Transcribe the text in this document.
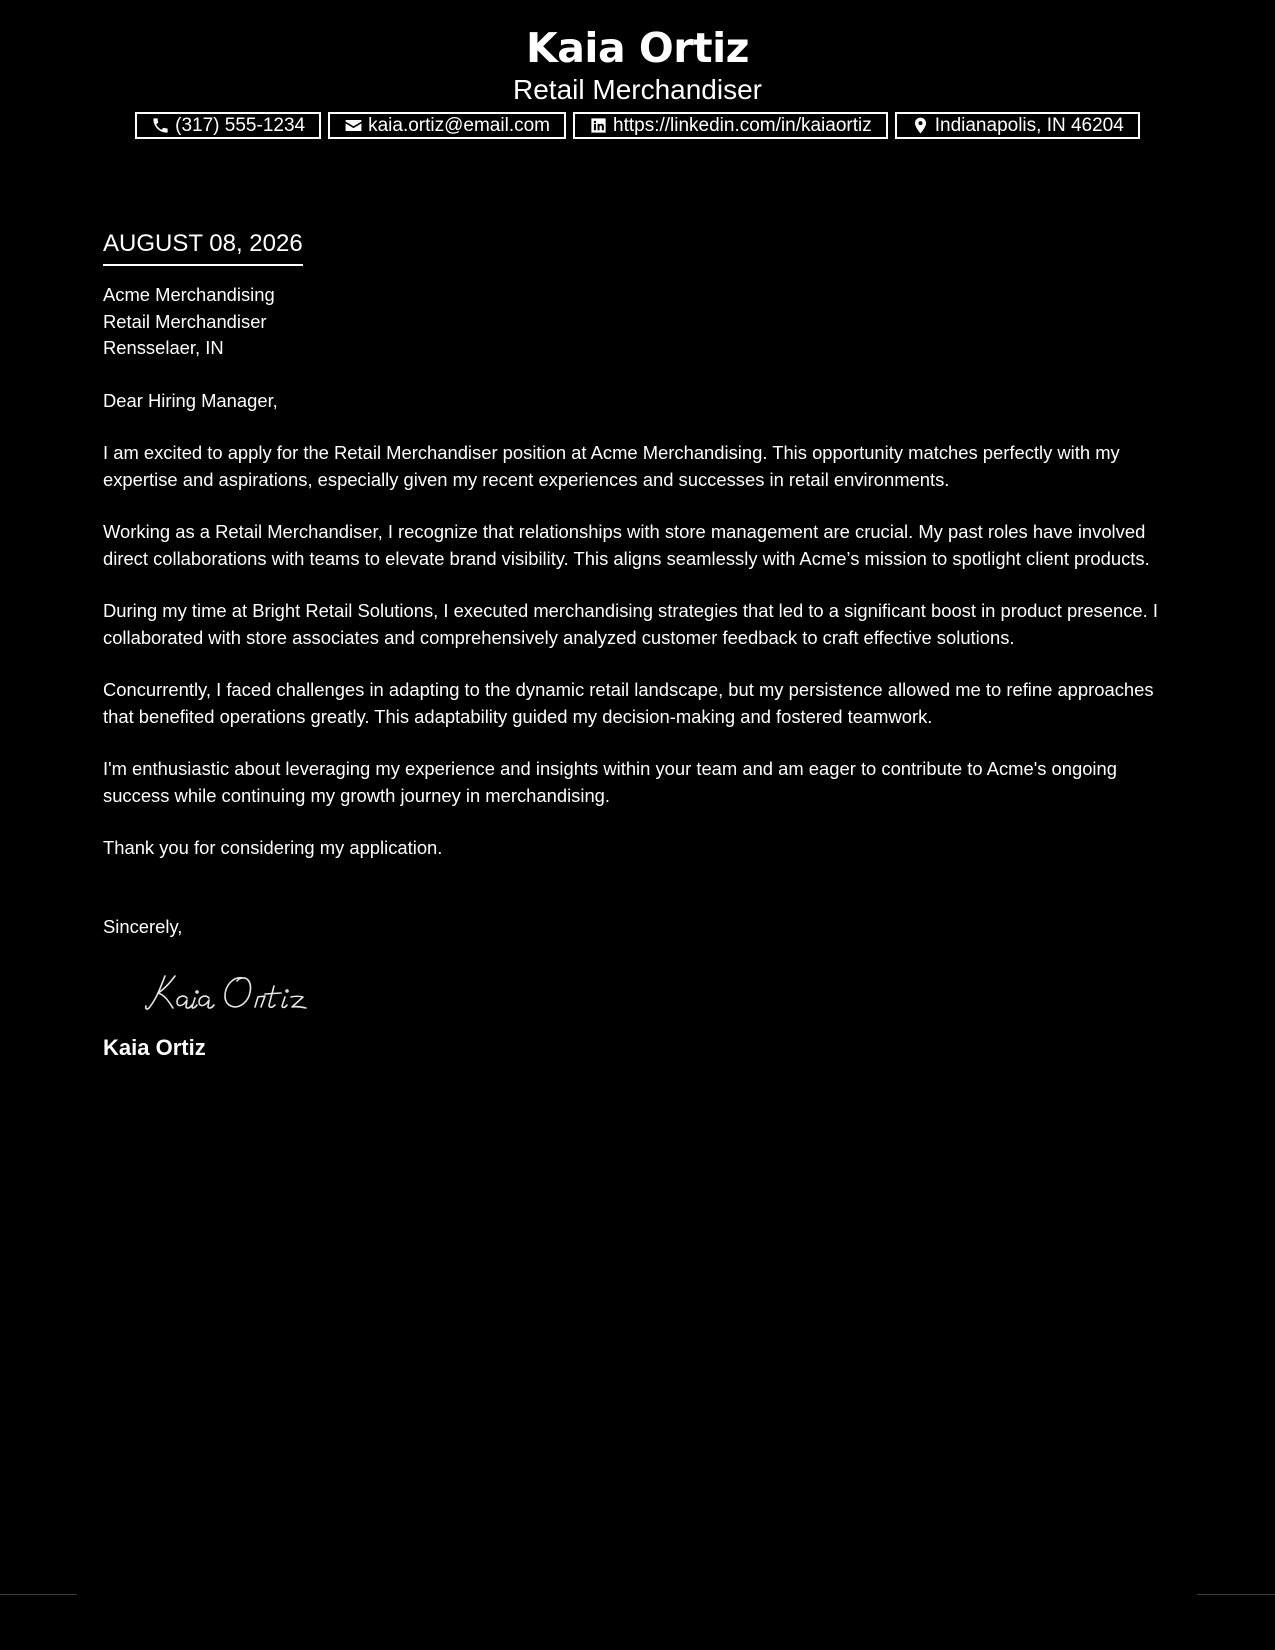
Kaia Ortiz
Retail Merchandiser
(317) 555-1234	kaia.ortiz@email.com	https://linkedin.com/in/kaiaortiz	Indianapolis, IN 46204
AUGUST 08, 2026
Acme Merchandising
Retail Merchandiser
Rensselaer, IN
Dear Hiring Manager,

I am excited to apply for the Retail Merchandiser position at Acme Merchandising. This opportunity matches perfectly with my expertise and aspirations, especially given my recent experiences and successes in retail environments.

Working as a Retail Merchandiser, I recognize that relationships with store management are crucial. My past roles have involved direct collaborations with teams to elevate brand visibility. This aligns seamlessly with Acme’s mission to spotlight client products.

During my time at Bright Retail Solutions, I executed merchandising strategies that led to a significant boost in product presence. I collaborated with store associates and comprehensively analyzed customer feedback to craft effective solutions.

Concurrently, I faced challenges in adapting to the dynamic retail landscape, but my persistence allowed me to refine approaches that benefited operations greatly. This adaptability guided my decision-making and fostered teamwork.

I'm enthusiastic about leveraging my experience and insights within your team and am eager to contribute to Acme's ongoing success while continuing my growth journey in merchandising.

Thank you for considering my application.

Sincerely,
Kaia Ortiz
